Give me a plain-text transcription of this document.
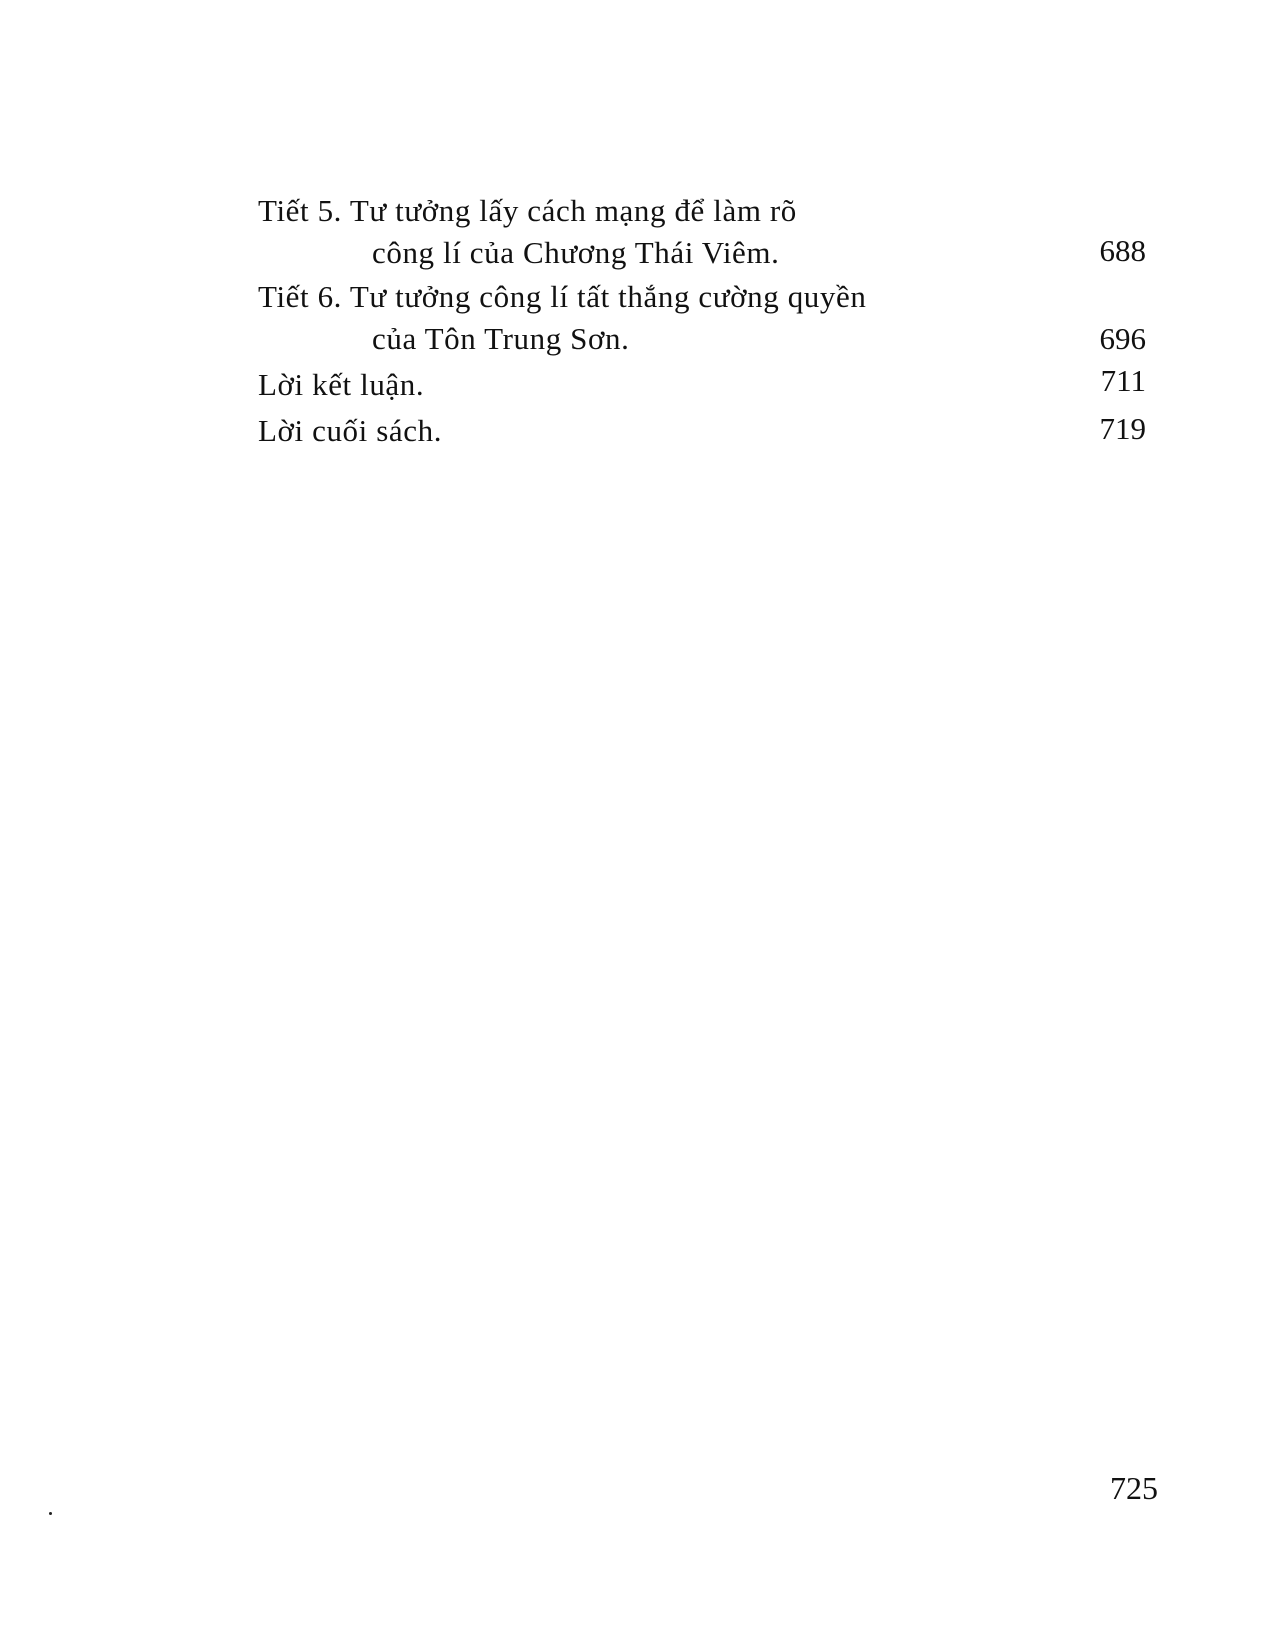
Tiết 5. Tư tưởng lấy cách mạng để làm rõ
công lí của Chương Thái Viêm.	688
Tiết 6. Tư tưởng công lí tất thắng cường quyền
của Tôn Trung Sơn.	696
Lời kết luận.	711
Lời cuối sách.	719
725
